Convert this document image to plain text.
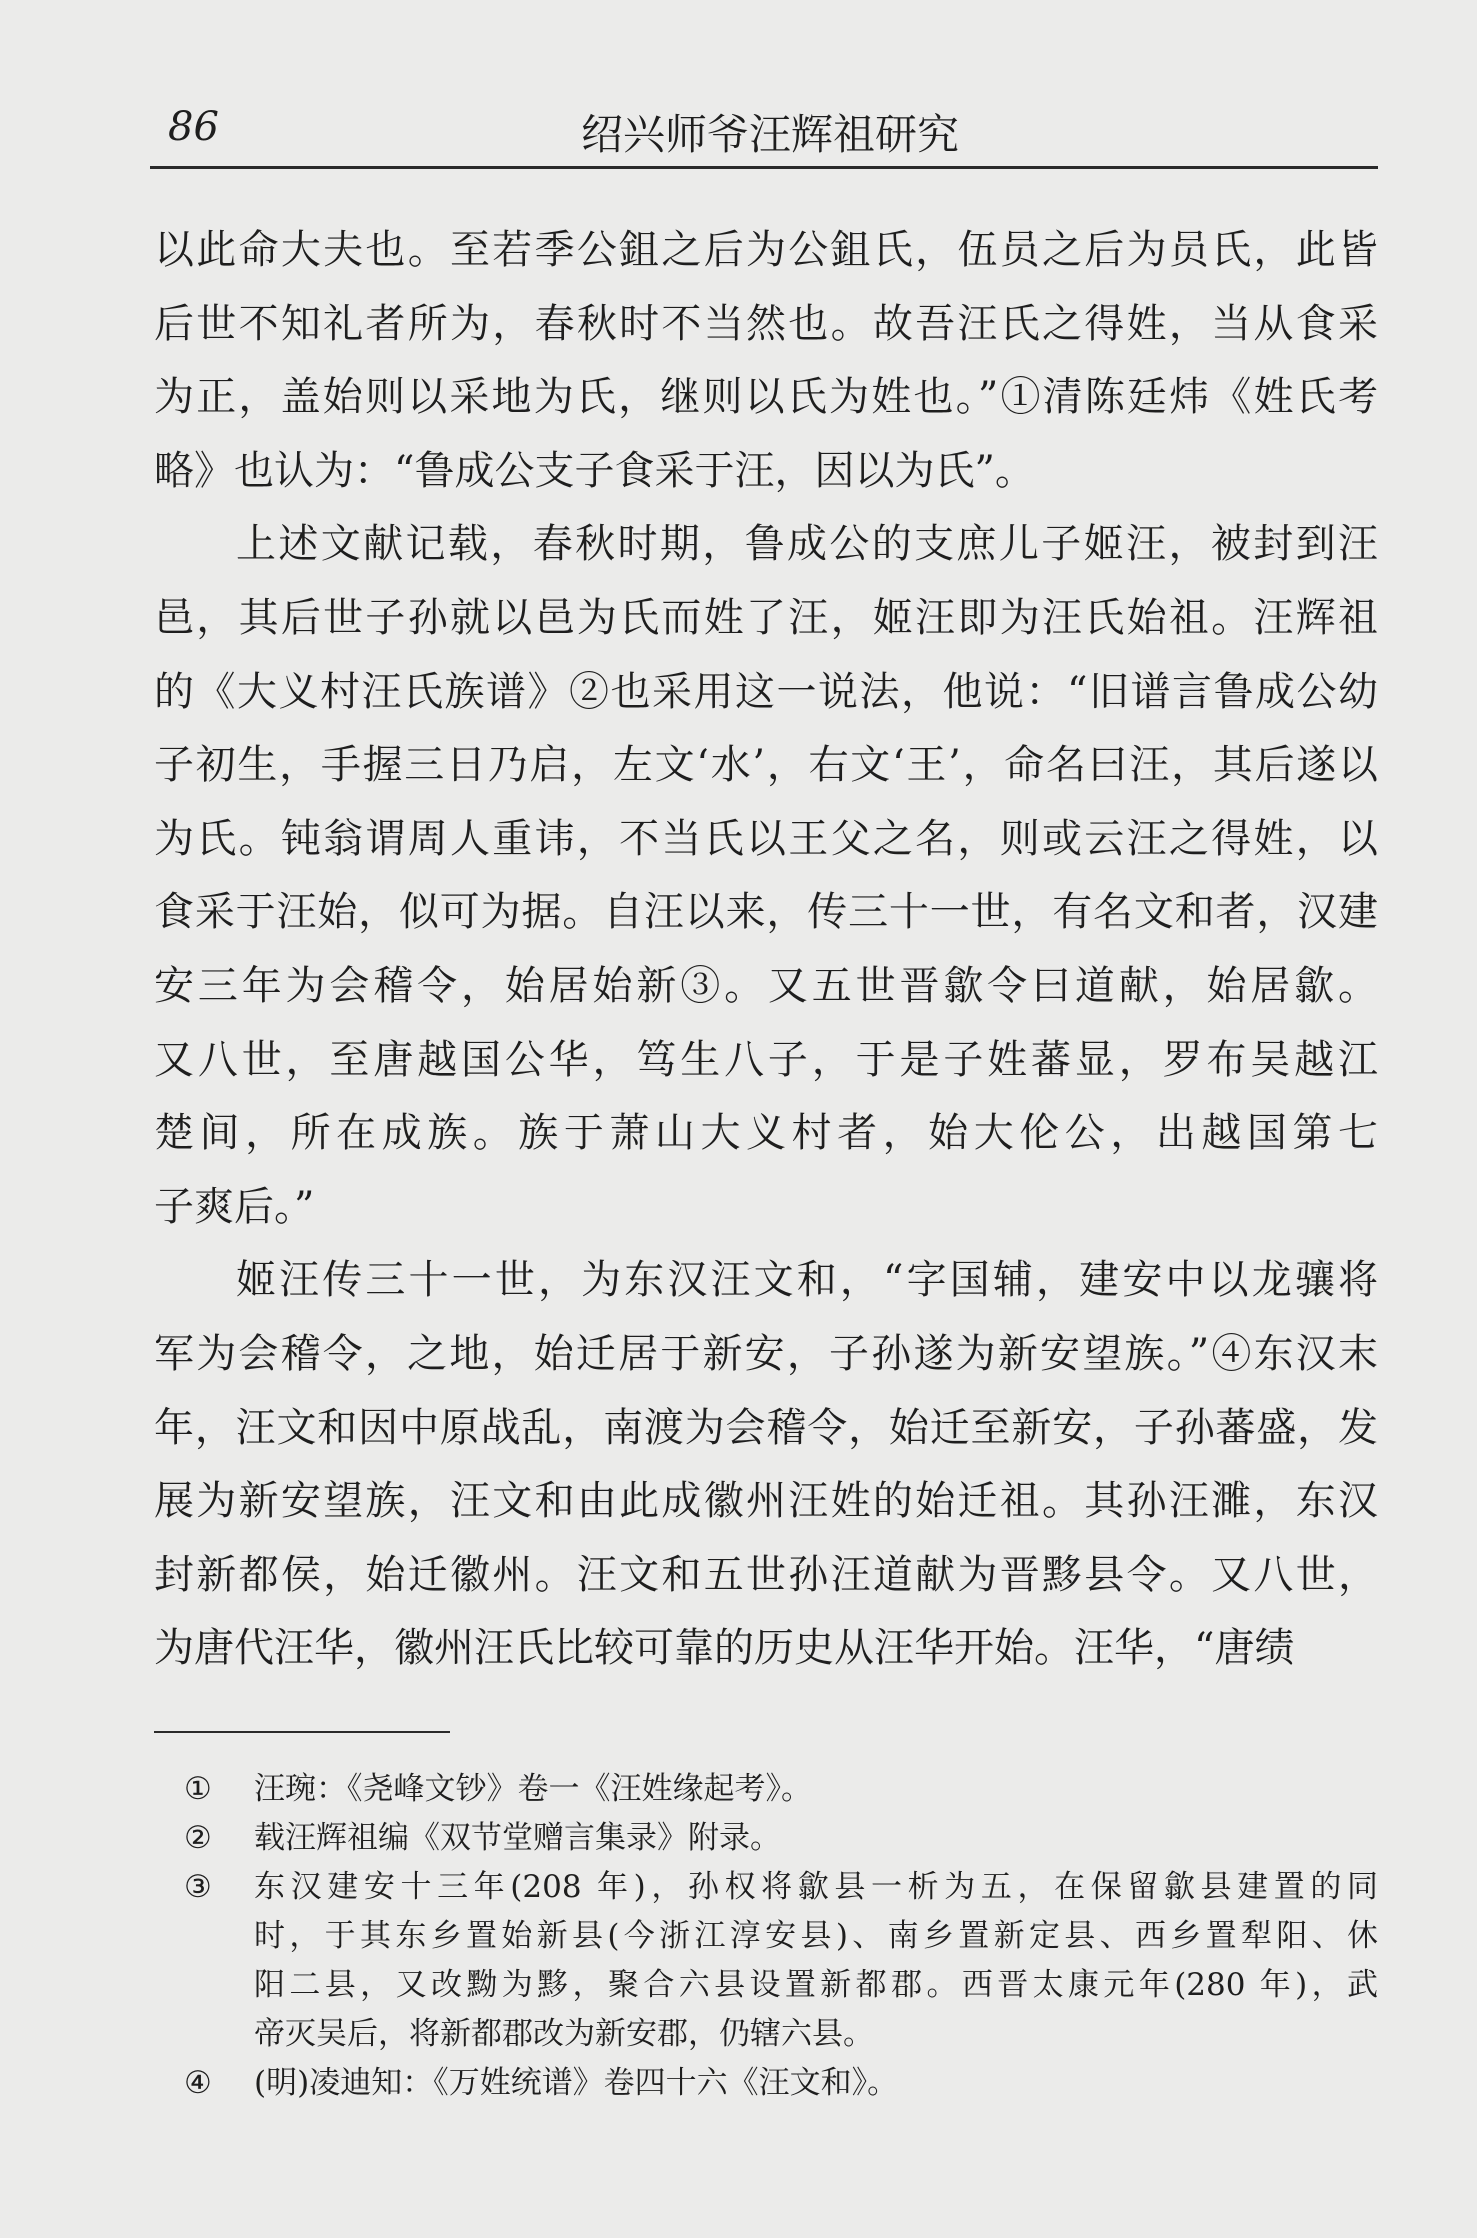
86	绍兴师爷汪辉祖研究
以此命大夫也。至若季公鉏之后为公鉏氏，伍员之后为员氏，此皆
后世不知礼者所为，春秋时不当然也。故吾汪氏之得姓，当从食采
为正，盖始则以采地为氏，继则以氏为姓也。”①清陈廷炜《姓氏考
略》也认为：“鲁成公支子食采于汪，因以为氏”。
上述文献记载，春秋时期，鲁成公的支庶儿子姬汪，被封到汪
邑，其后世子孙就以邑为氏而姓了汪，姬汪即为汪氏始祖。汪辉祖
的《大义村汪氏族谱》②也采用这一说法，他说：“旧谱言鲁成公幼
子初生，手握三日乃启，左文‘水’，右文‘王’，命名曰汪，其后遂以
为氏。钝翁谓周人重讳，不当氏以王父之名，则或云汪之得姓，以
食采于汪始，似可为据。自汪以来，传三十一世，有名文和者，汉建
安三年为会稽令，始居始新③。又五世晋歙令曰道献，始居歙。
又八世，至唐越国公华，笃生八子，于是子姓蕃显，罗布吴越江
楚间，所在成族。族于萧山大义村者，始大伦公，出越国第七
子爽后。”
姬汪传三十一世，为东汉汪文和，“字国辅，建安中以龙骧将
军为会稽令，之地，始迁居于新安，子孙遂为新安望族。”④东汉末
年，汪文和因中原战乱，南渡为会稽令，始迁至新安，子孙蕃盛，发
展为新安望族，汪文和由此成徽州汪姓的始迁祖。其孙汪濉，东汉
封新都侯，始迁徽州。汪文和五世孙汪道献为晋黟县令。又八世，
为唐代汪华，徽州汪氏比较可靠的历史从汪华开始。汪华，“唐绩
①	汪琬：《尧峰文钞》卷一《汪姓缘起考》。
②	载汪辉祖编《双节堂赠言集录》附录。
③	东汉建安十三年(208 年)，孙权将歙县一析为五，在保留歙县建置的同
时，于其东乡置始新县(今浙江淳安县)、南乡置新定县、西乡置犁阳、休
阳二县，又改黝为黟，聚合六县设置新都郡。西晋太康元年(280 年)，武
帝灭吴后，将新都郡改为新安郡，仍辖六县。
④	(明)凌迪知：《万姓统谱》卷四十六《汪文和》。
